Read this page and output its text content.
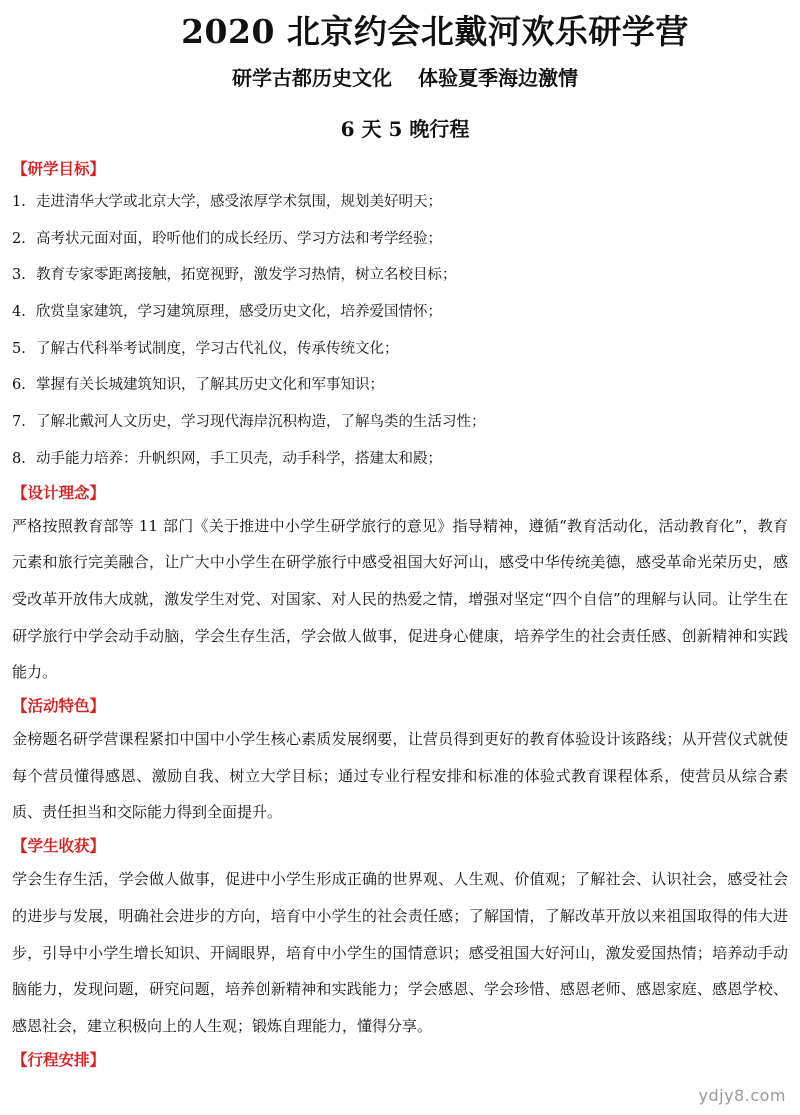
2020 北京约会北戴河欢乐研学营
研学古都历史文化 体验夏季海边激情
6 天 5 晚行程
【研学目标】
1. 走进清华大学或北京大学，感受浓厚学术氛围，规划美好明天；
2. 高考状元面对面，聆听他们的成长经历、学习方法和考学经验；
3. 教育专家零距离接触，拓宽视野，激发学习热情，树立名校目标；
4. 欣赏皇家建筑，学习建筑原理，感受历史文化，培养爱国情怀；
5. 了解古代科举考试制度，学习古代礼仪，传承传统文化；
6. 掌握有关长城建筑知识，了解其历史文化和军事知识；
7. 了解北戴河人文历史，学习现代海岸沉积构造，了解鸟类的生活习性；
8. 动手能力培养：升帆织网，手工贝壳，动手科学，搭建太和殿；
【设计理念】

严格按照教育部等 11 部门《关于推进中小学生研学旅行的意见》指导精神，遵循“教育活动化，活动教育化”，教育元素和旅行完美融合，让广大中小学生在研学旅行中感受祖国大好河山，感受中华传统美德，感受革命光荣历史，感受改革开放伟大成就，激发学生对党、对国家、对人民的热爱之情，增强对坚定“四个自信”的理解与认同。让学生在研学旅行中学会动手动脑，学会生存生活，学会做人做事，促进身心健康，培养学生的社会责任感、创新精神和实践能力。

【活动特色】

金榜题名研学营课程紧扣中国中小学生核心素质发展纲要，让营员得到更好的教育体验设计该路线；从开营仪式就使每个营员懂得感恩、激励自我、树立大学目标；通过专业行程安排和标准的体验式教育课程体系，使营员从综合素质、责任担当和交际能力得到全面提升。

【学生收获】

学会生存生活，学会做人做事，促进中小学生形成正确的世界观、人生观、价值观；了解社会、认识社会，感受社会的进步与发展，明确社会进步的方向，培育中小学生的社会责任感；了解国情，了解改革开放以来祖国取得的伟大进步，引导中小学生增长知识、开阔眼界，培育中小学生的国情意识；感受祖国大好河山，激发爱国热情；培养动手动脑能力，发现问题，研究问题，培养创新精神和实践能力；学会感恩、学会珍惜、感恩老师、感恩家庭、感恩学校、感恩社会，建立积极向上的人生观；锻炼自理能力，懂得分享。

【行程安排】
ydjy8.com
